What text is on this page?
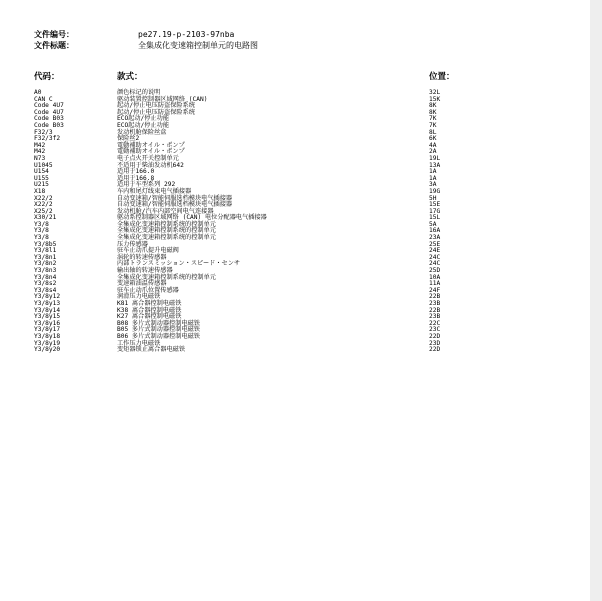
文件编号：	pe27.19-p-2103-97nba
文件标题：	全集成化变速箱控制单元的电路图
代码：	款式：	位置：
A0	颜色标记的说明	32L
CAN C	驱动装置控制器区域网络 (CAN)	15K
Code 4U7	起动/停止电压防盗保险系统	8K
Code 4U7	起动/停止电压防盗保险系统	8K
Code B03	ECO起动/停止功能	7K
Code B03	ECO起动/停止功能	7K
F32/3	发动机舱保险丝盒	8L
F32/3f2	保险丝2	6K
M42	電動補助オイル・ポンプ	4A
M42	電動補助オイル・ポンプ	2A
N73	电子点火开关控制单元	19L
U1045	不适用于柴油发动机642	13A
U154	适用于166.0	1A
U155	适用于166.8	1A
U215	适用于车型系列 292	3A
X18	车内和尾灯线束电气插接器	19G
X22/2	自动变速箱/智能伺服选档模块电气插接器	5H
X22/2	自动变速箱/智能伺服选档模块电气插接器	15E
X25/2	发动机舱/汽车内部空间电气连接器	17G
X30/21	驱动系控制器区域网络 (CAN) 电位分配器电气插接器	15L
Y3/8	全集成化变速箱控制系统的控制单元	5A
Y3/8	全集成化变速箱控制系统的控制单元	16A
Y3/8	全集成化变速箱控制系统的控制单元	23A
Y3/8b5	压力传感器	25E
Y3/8l1	驻车止动爪提升电磁阀	24E
Y3/8n1	涡轮的转速传感器	24C
Y3/8n2	内部トランスミッション・スピード・センサ	24C
Y3/8n3	输出轴的转速传感器	25D
Y3/8n4	全集成化变速箱控制系统的控制单元	10A
Y3/8s2	变速箱油温传感器	11A
Y3/8s4	驻车止动爪位置传感器	24F
Y3/8y12	润滑压力电磁铁	22B
Y3/8y13	K81 离合器控制电磁铁	23B
Y3/8y14	K38 离合器控制电磁铁	22B
Y3/8y15	K27 离合器控制电磁铁	23B
Y3/8y16	B08 多片式制动器控制电磁铁	22C
Y3/8y17	B05 多片式制动器控制电磁铁	23C
Y3/8y18	B06 多片式制动器控制电磁铁	22D
Y3/8y19	工作压力电磁铁	23D
Y3/8y20	变矩器锁止离合器电磁铁	22D
